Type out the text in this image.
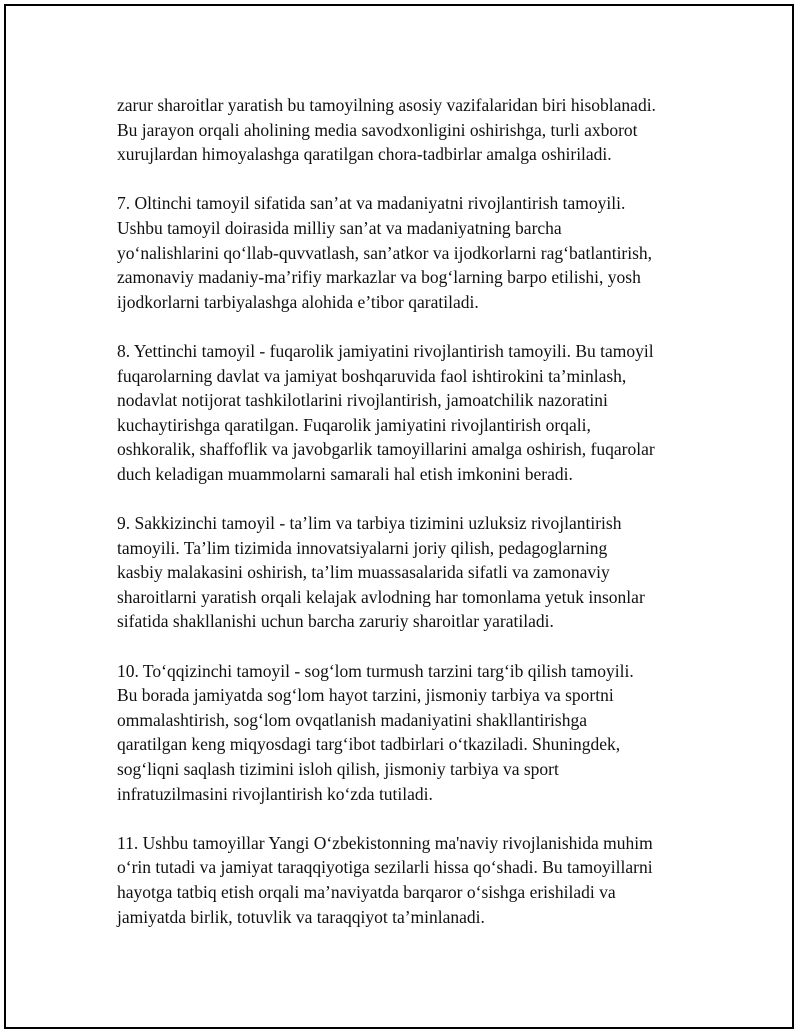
zarur sharoitlar yaratish bu tamoyilning asosiy vazifalaridan biri hisoblanadi.
Bu jarayon orqali aholining media savodxonligini oshirishga, turli axborot
xurujlardan himoyalashga qaratilgan chora-tadbirlar amalga oshiriladi.

7. Oltinchi tamoyil sifatida san’at va madaniyatni rivojlantirish tamoyili.
Ushbu tamoyil doirasida milliy san’at va madaniyatning barcha
yo‘nalishlarini qo‘llab-quvvatlash, san’atkor va ijodkorlarni rag‘batlantirish,
zamonaviy madaniy-ma’rifiy markazlar va bog‘larning barpo etilishi, yosh
ijodkorlarni tarbiyalashga alohida e’tibor qaratiladi.

8. Yettinchi tamoyil - fuqarolik jamiyatini rivojlantirish tamoyili. Bu tamoyil
fuqarolarning davlat va jamiyat boshqaruvida faol ishtirokini ta’minlash,
nodavlat notijorat tashkilotlarini rivojlantirish, jamoatchilik nazoratini
kuchaytirishga qaratilgan. Fuqarolik jamiyatini rivojlantirish orqali,
oshkoralik, shaffoflik va javobgarlik tamoyillarini amalga oshirish, fuqarolar
duch keladigan muammolarni samarali hal etish imkonini beradi.

9. Sakkizinchi tamoyil - ta’lim va tarbiya tizimini uzluksiz rivojlantirish
tamoyili. Ta’lim tizimida innovatsiyalarni joriy qilish, pedagoglarning
kasbiy malakasini oshirish, ta’lim muassasalarida sifatli va zamonaviy
sharoitlarni yaratish orqali kelajak avlodning har tomonlama yetuk insonlar
sifatida shakllanishi uchun barcha zaruriy sharoitlar yaratiladi.

10. To‘qqizinchi tamoyil - sog‘lom turmush tarzini targ‘ib qilish tamoyili.
Bu borada jamiyatda sog‘lom hayot tarzini, jismoniy tarbiya va sportni
ommalashtirish, sog‘lom ovqatlanish madaniyatini shakllantirishga
qaratilgan keng miqyosdagi targ‘ibot tadbirlari o‘tkaziladi. Shuningdek,
sog‘liqni saqlash tizimini isloh qilish, jismoniy tarbiya va sport
infratuzilmasini rivojlantirish ko‘zda tutiladi.

11. Ushbu tamoyillar Yangi O‘zbekistonning ma'naviy rivojlanishida muhim
o‘rin tutadi va jamiyat taraqqiyotiga sezilarli hissa qo‘shadi. Bu tamoyillarni
hayotga tatbiq etish orqali ma’naviyatda barqaror o‘sishga erishiladi va
jamiyatda birlik, totuvlik va taraqqiyot ta’minlanadi.
